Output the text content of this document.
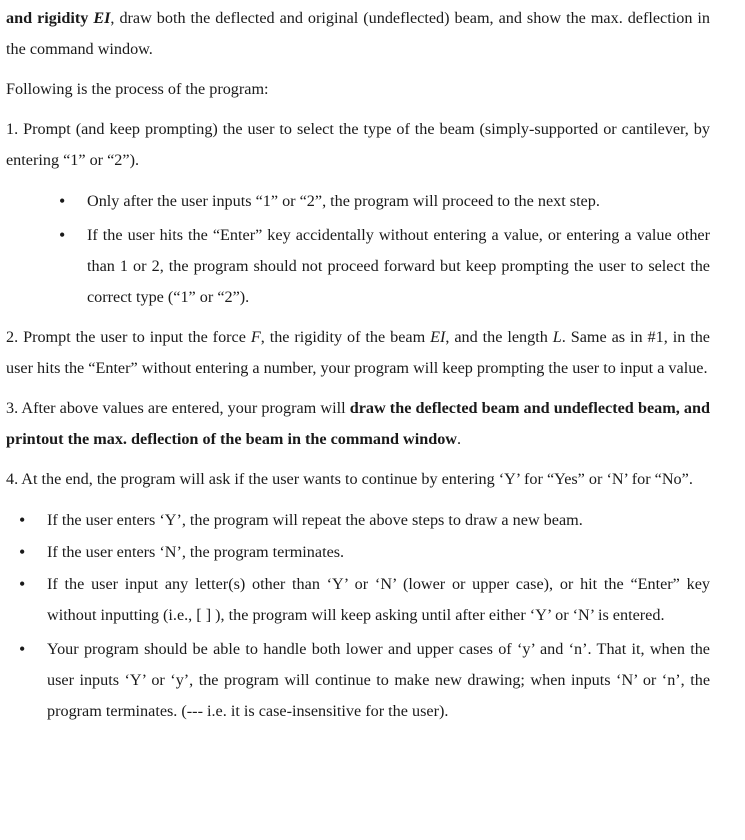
and rigidity EI, draw both the deflected and original (undeflected) beam, and show the max. deflection in the command window.

Following is the process of the program:

1. Prompt (and keep prompting) the user to select the type of the beam (simply-supported or cantilever, by entering “1” or “2”).

• Only after the user inputs “1” or “2”, the program will proceed to the next step.
• If the user hits the “Enter” key accidentally without entering a value, or entering a value other than 1 or 2, the program should not proceed forward but keep prompting the user to select the correct type (“1” or “2”).

2. Prompt the user to input the force F, the rigidity of the beam EI, and the length L. Same as in #1, in the user hits the “Enter” without entering a number, your program will keep prompting the user to input a value.

3. After above values are entered, your program will draw the deflected beam and undeflected beam, and printout the max. deflection of the beam in the command window.

4. At the end, the program will ask if the user wants to continue by entering ‘Y’ for “Yes” or ‘N’ for “No”.

• If the user enters ‘Y’, the program will repeat the above steps to draw a new beam.
• If the user enters ‘N’, the program terminates.
• If the user input any letter(s) other than ‘Y’ or ‘N’ (lower or upper case), or hit the “Enter” key without inputting (i.e., [ ] ), the program will keep asking until after either ‘Y’ or ‘N’ is entered.
• Your program should be able to handle both lower and upper cases of ‘y’ and ‘n’. That it, when the user inputs ‘Y’ or ‘y’, the program will continue to make new drawing; when inputs ‘N’ or ‘n’, the program terminates. (--- i.e. it is case-insensitive for the user).
